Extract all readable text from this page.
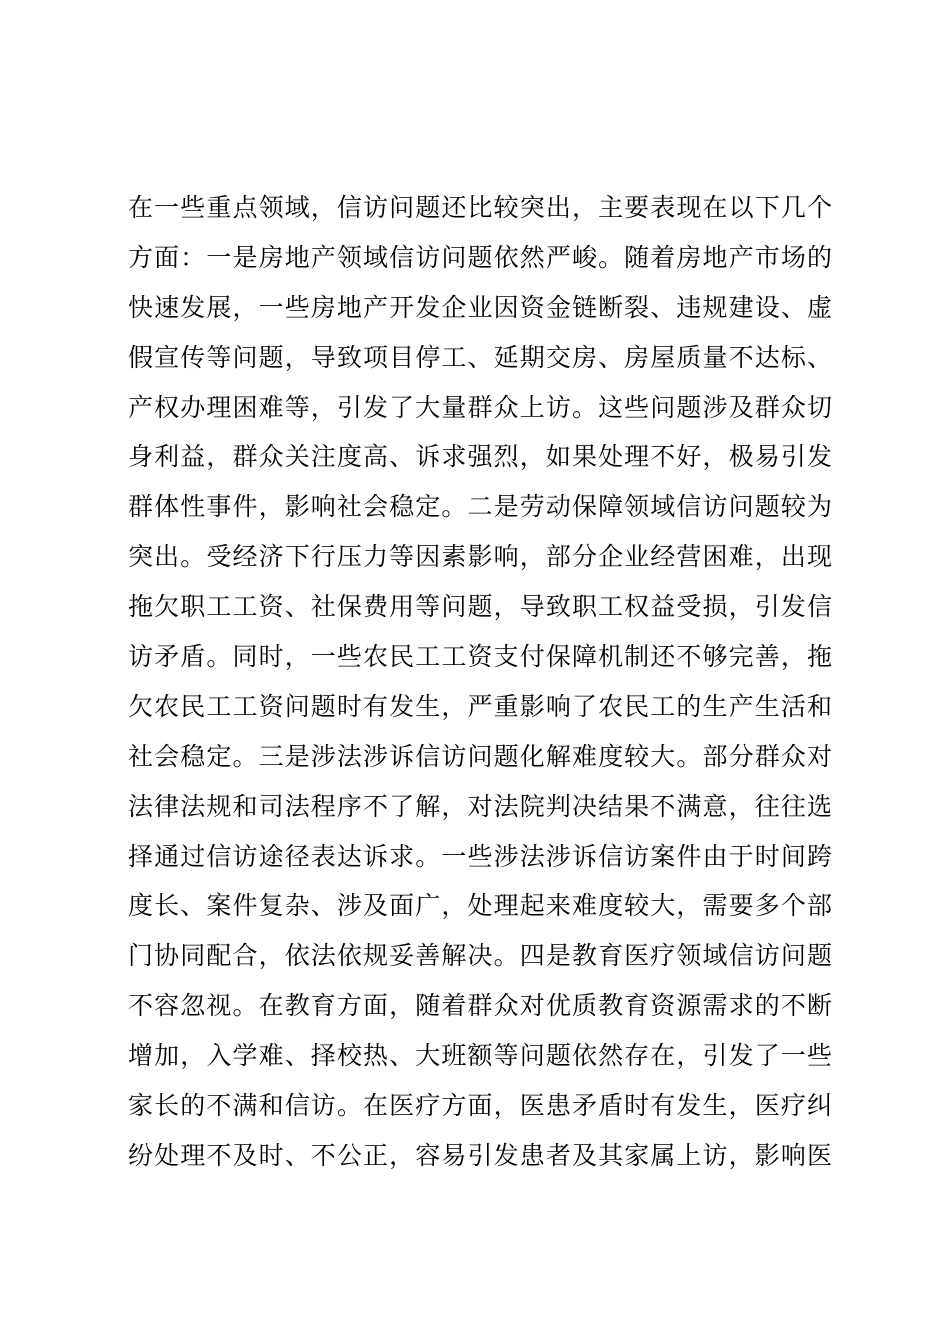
在一些重点领域，信访问题还比较突出，主要表现在以下几个
方面：一是房地产领域信访问题依然严峻。随着房地产市场的
快速发展，一些房地产开发企业因资金链断裂、违规建设、虚
假宣传等问题，导致项目停工、延期交房、房屋质量不达标、
产权办理困难等，引发了大量群众上访。这些问题涉及群众切
身利益，群众关注度高、诉求强烈，如果处理不好，极易引发
群体性事件，影响社会稳定。二是劳动保障领域信访问题较为
突出。受经济下行压力等因素影响，部分企业经营困难，出现
拖欠职工工资、社保费用等问题，导致职工权益受损，引发信
访矛盾。同时，一些农民工工资支付保障机制还不够完善，拖
欠农民工工资问题时有发生，严重影响了农民工的生产生活和
社会稳定。三是涉法涉诉信访问题化解难度较大。部分群众对
法律法规和司法程序不了解，对法院判决结果不满意，往往选
择通过信访途径表达诉求。一些涉法涉诉信访案件由于时间跨
度长、案件复杂、涉及面广，处理起来难度较大，需要多个部
门协同配合，依法依规妥善解决。四是教育医疗领域信访问题
不容忽视。在教育方面，随着群众对优质教育资源需求的不断
增加，入学难、择校热、大班额等问题依然存在，引发了一些
家长的不满和信访。在医疗方面，医患矛盾时有发生，医疗纠
纷处理不及时、不公正，容易引发患者及其家属上访，影响医
